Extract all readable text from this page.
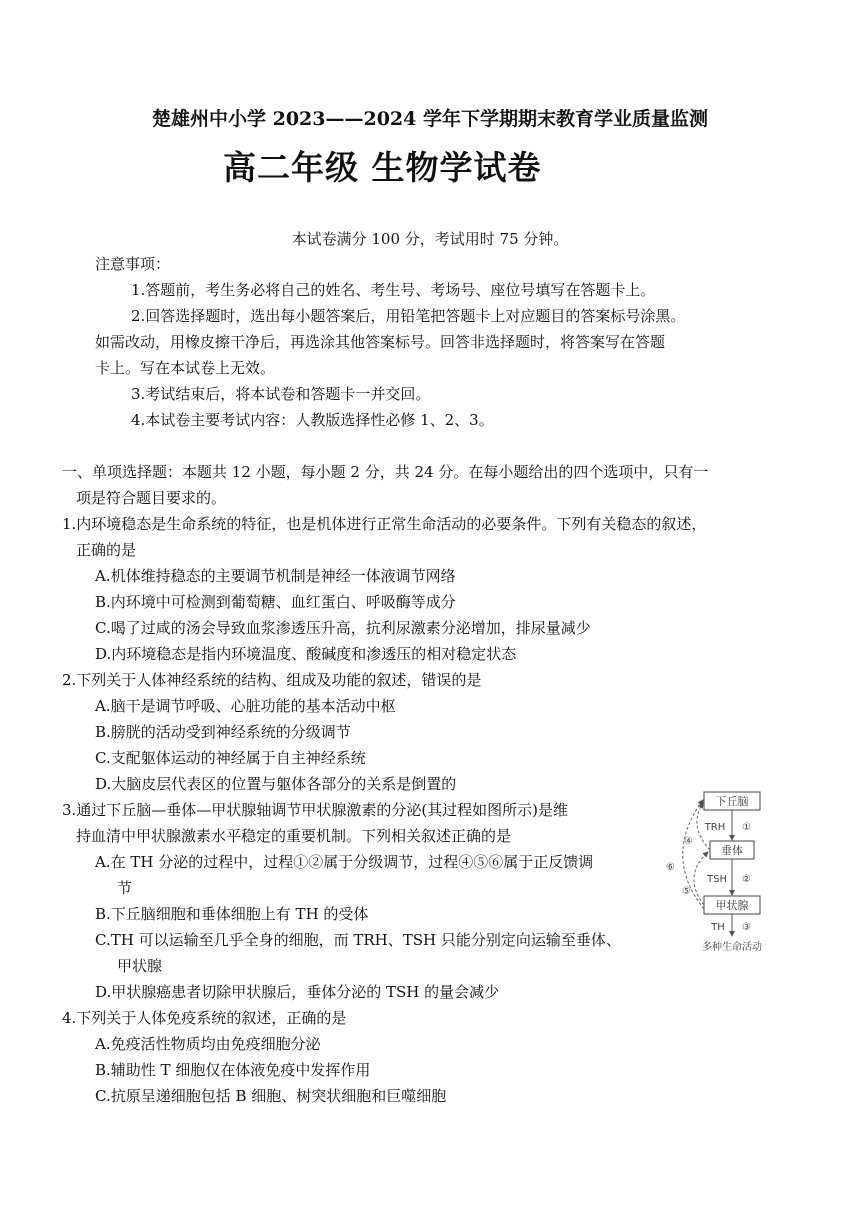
楚雄州中小学 2023——2024 学年下学期期末教育学业质量监测
高二年级 生物学试卷
本试卷满分 100 分，考试用时 75 分钟。
注意事项：
1.答题前，考生务必将自己的姓名、考生号、考场号、座位号填写在答题卡上。
2.回答选择题时，选出每小题答案后，用铅笔把答题卡上对应题目的答案标号涂黑。
如需改动，用橡皮擦干净后，再选涂其他答案标号。回答非选择题时，将答案写在答题
卡上。写在本试卷上无效。
3.考试结束后，将本试卷和答题卡一并交回。
4.本试卷主要考试内容：人教版选择性必修 1、2、3。
一、单项选择题：本题共 12 小题，每小题 2 分，共 24 分。在每小题给出的四个选项中，只有一
项是符合题目要求的。
1.内环境稳态是生命系统的特征，也是机体进行正常生命活动的必要条件。下列有关稳态的叙述，
正确的是
A.机体维持稳态的主要调节机制是神经一体液调节网络
B.内环境中可检测到葡萄糖、血红蛋白、呼吸酶等成分
C.喝了过咸的汤会导致血浆渗透压升高，抗利尿激素分泌增加，排尿量减少
D.内环境稳态是指内环境温度、酸碱度和渗透压的相对稳定状态
2.下列关于人体神经系统的结构、组成及功能的叙述，错误的是
A.脑干是调节呼吸、心脏功能的基本活动中枢
B.膀胱的活动受到神经系统的分级调节
C.支配躯体运动的神经属于自主神经系统
D.大脑皮层代表区的位置与躯体各部分的关系是倒置的
3.通过下丘脑—垂体—甲状腺轴调节甲状腺激素的分泌(其过程如图所示)是维
持血清中甲状腺激素水平稳定的重要机制。下列相关叙述正确的是
A.在 TH 分泌的过程中，过程①②属于分级调节，过程④⑤⑥属于正反馈调
节
B.下丘脑细胞和垂体细胞上有 TH 的受体
C.TH 可以运输至几乎全身的细胞，而 TRH、TSH 只能分别定向运输至垂体、
甲状腺
D.甲状腺癌患者切除甲状腺后，垂体分泌的 TSH 的量会减少
4.下列关于人体免疫系统的叙述，正确的是
A.免疫活性物质均由免疫细胞分泌
B.辅助性 T 细胞仅在体液免疫中发挥作用
C.抗原呈递细胞包括 B 细胞、树突状细胞和巨噬细胞
下丘脑
垂体
甲状腺
TRH ①
TSH ②
TH ③
④
⑥
⑤
多种生命活动
